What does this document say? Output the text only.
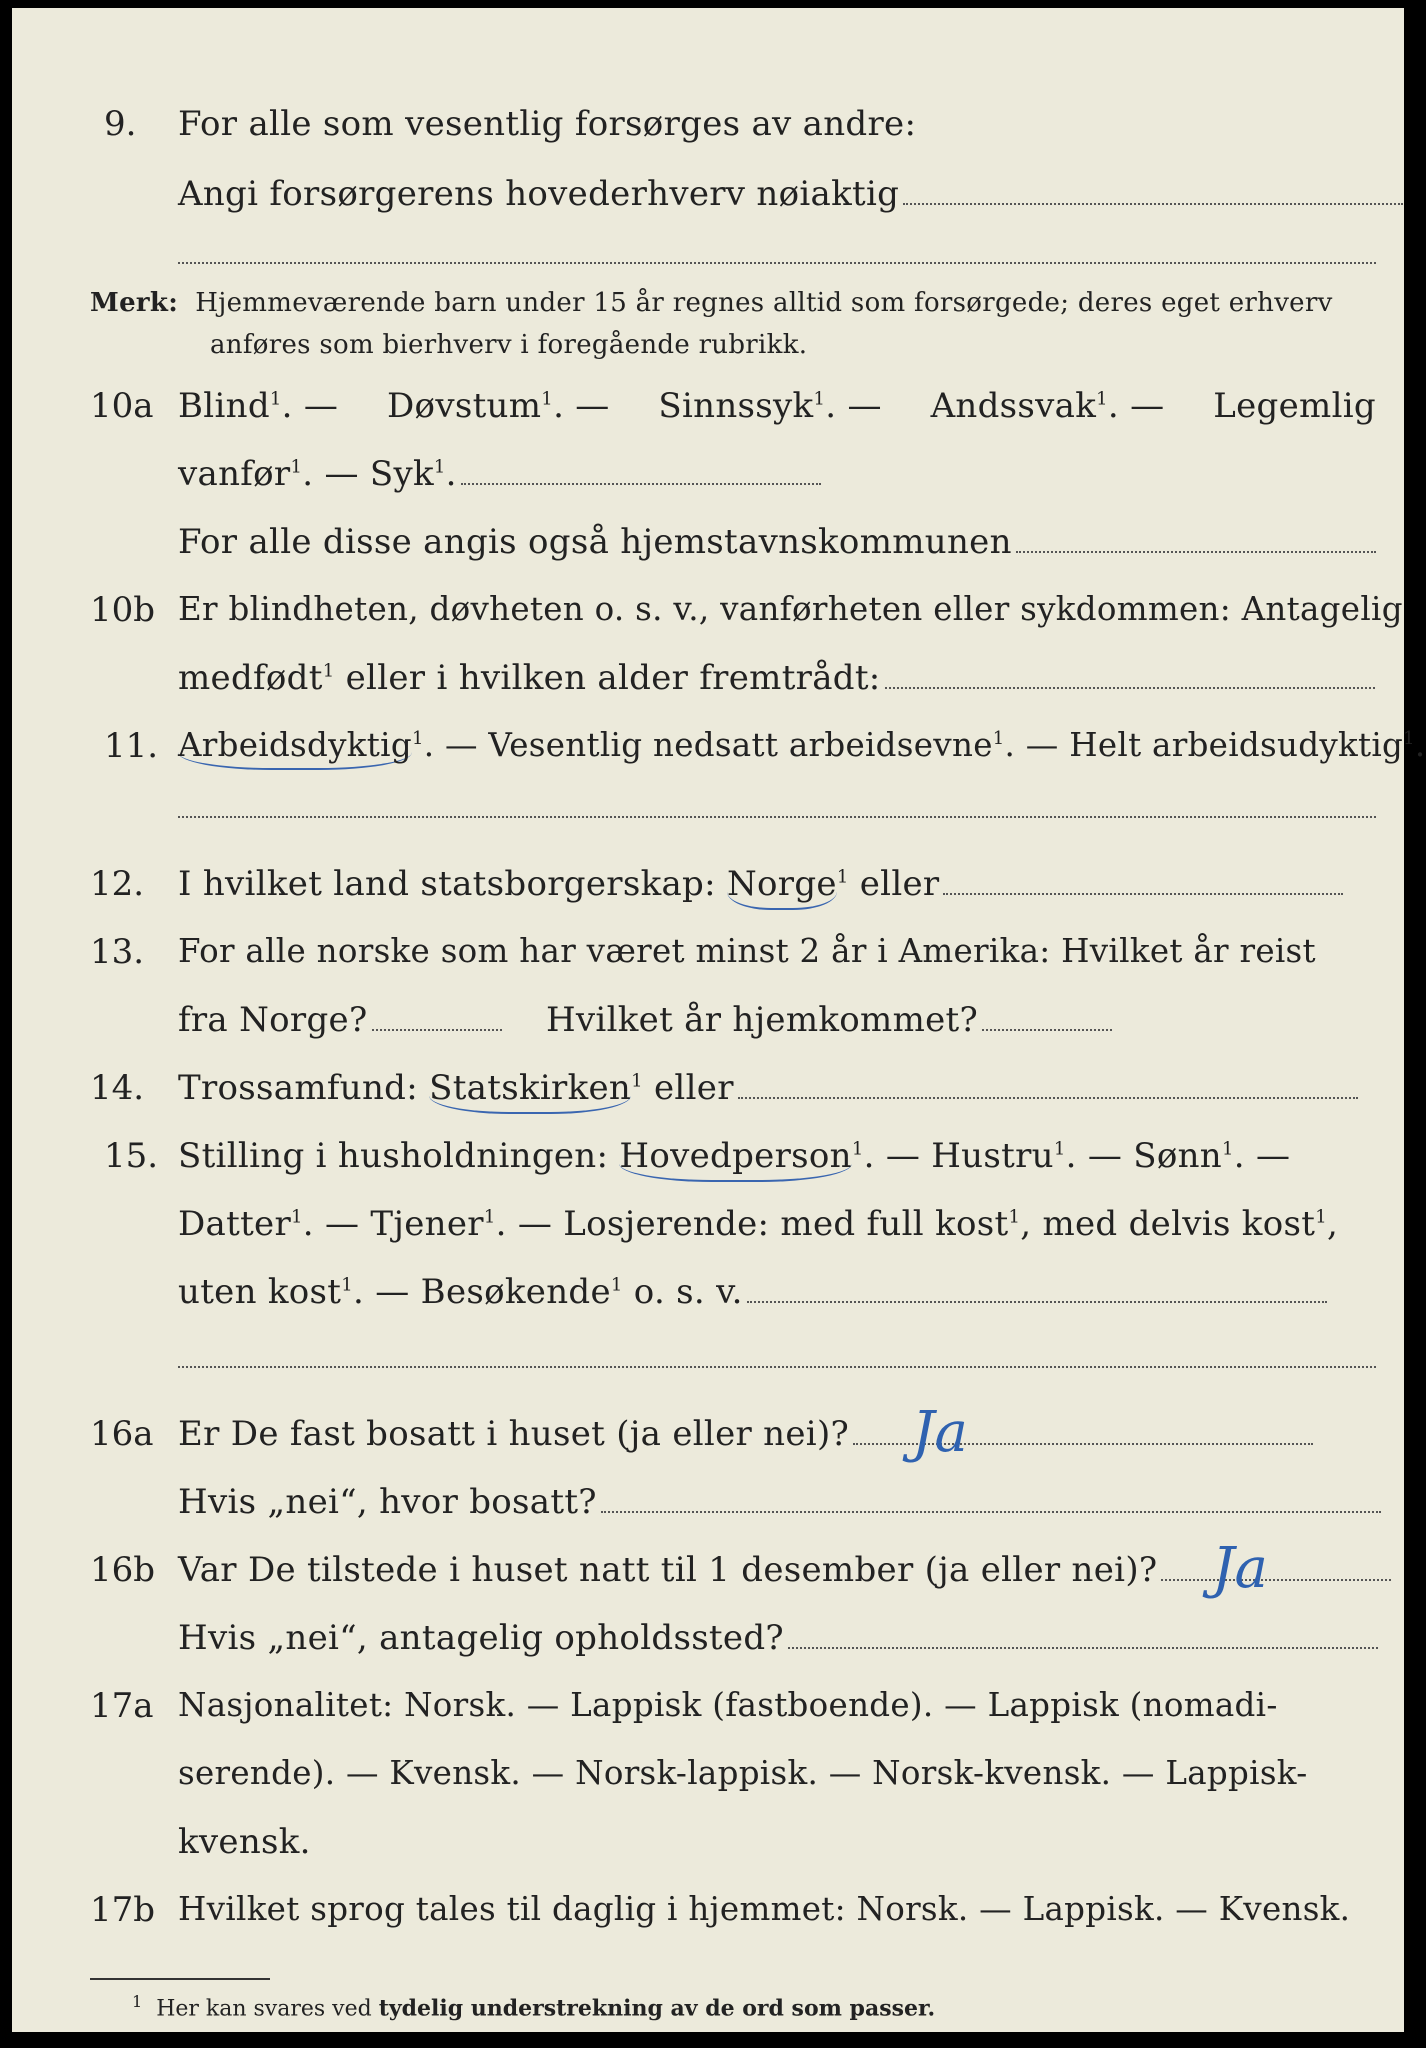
9. For alle som vesentlig forsørges av andre:
Angi forsørgerens hovederhverv nøiaktig
Merk: Hjemmeværende barn under 15 år regnes alltid som forsørgede; deres eget erhverv
anføres som bierhverv i foregående rubrikk.
10a Blind$^1$. — Døvstum$^1$. — Sinnssyk$^1$. — Andssvak$^1$. — Legemlig
vanfør$^1$. — Syk$^1$.
For alle disse angis også hjemstavnskommunen
10b Er blindheten, døvheten o. s. v., vanførheten eller sykdommen: Antagelig
medfødt$^1$ eller i hvilken alder fremtrådt:
11. Arbeidsdyktig$^1$. — Vesentlig nedsatt arbeidsevne$^1$. — Helt arbeidsudyktig$^1$.
12. I hvilket land statsborgerskap: Norge$^1$ eller
13. For alle norske som har været minst 2 år i Amerika: Hvilket år reist
fra Norge?	Hvilket år hjemkommet?
14. Trossamfund: Statskirken$^1$ eller
15. Stilling i husholdningen: Hovedperson$^1$. — Hustru$^1$. — Sønn$^1$. —
Datter$^1$. — Tjener$^1$. — Losjerende: med full kost$^1$, med delvis kost$^1$,
uten kost$^1$. — Besøkende$^1$ o. s. v.
16a Er De fast bosatt i huset (ja eller nei)?	Ja
Hvis „nei“, hvor bosatt?
16b Var De tilstede i huset natt til 1 desember (ja eller nei)? Ja
Hvis „nei“, antagelig opholdssted?
17a Nasjonalitet: Norsk. — Lappisk (fastboende). — Lappisk (nomadi-
serende). — Kvensk. — Norsk-lappisk. — Norsk-kvensk. — Lappisk-
kvensk.
17b Hvilket sprog tales til daglig i hjemmet: Norsk. — Lappisk. — Kvensk.
$^1$ Her kan svares ved tydelig understrekning av de ord som passer.
